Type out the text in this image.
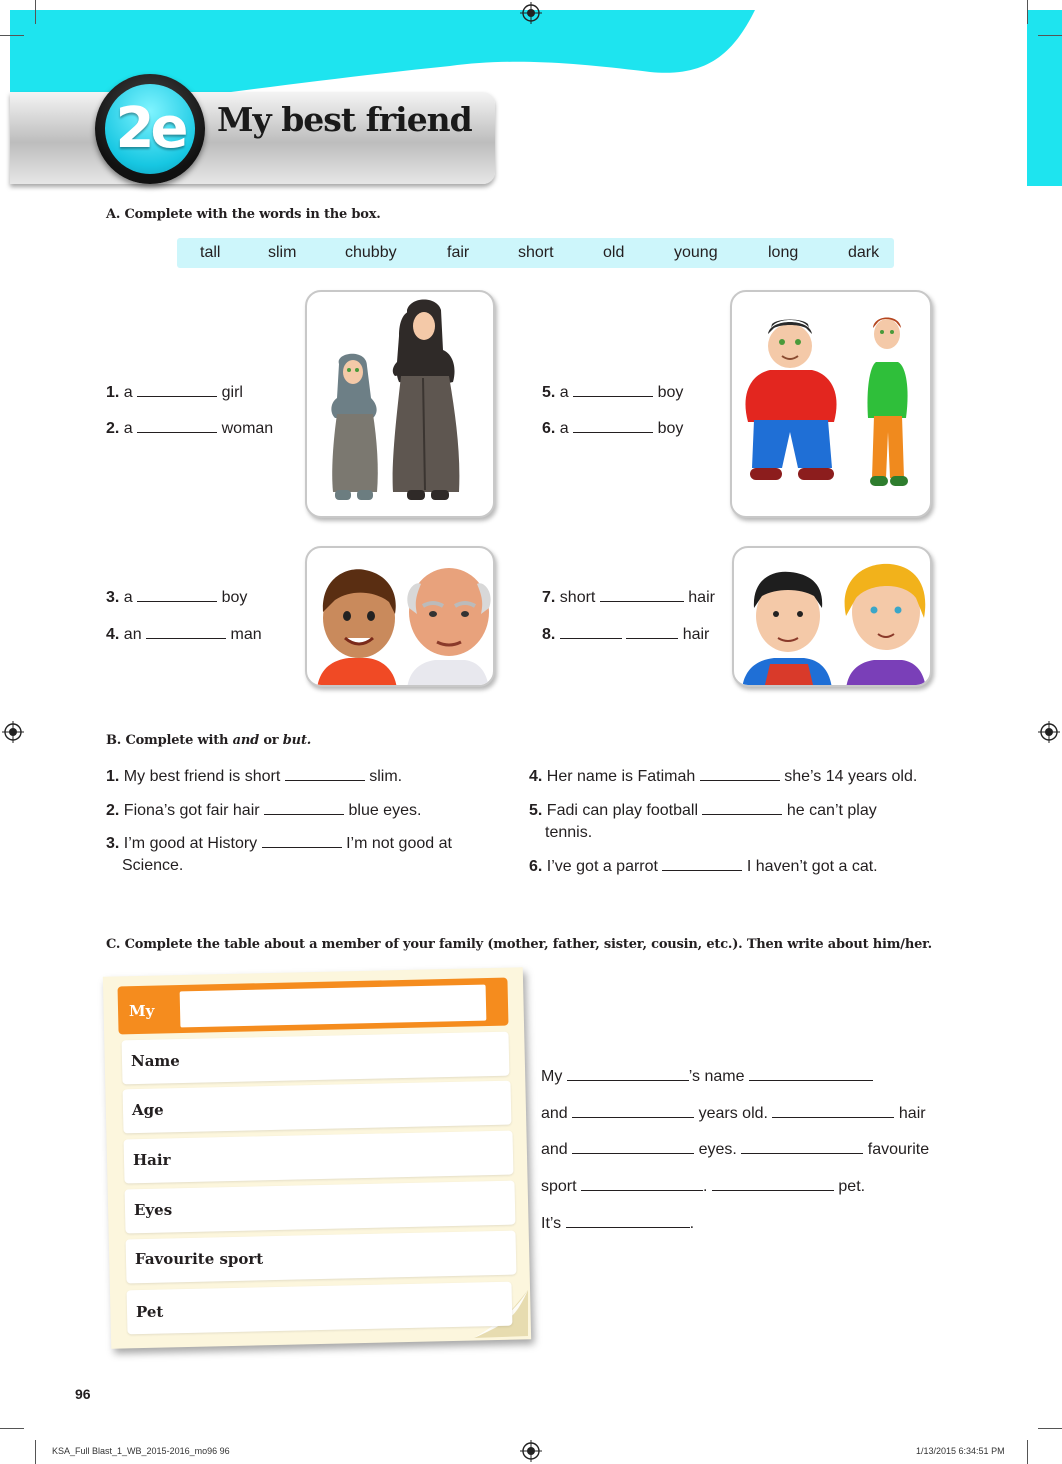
2e My best friend
A. Complete with the words in the box.
tall	slim	chubby	fair	short	old	young	long	dark
1. a	girl
2. a	woman
3. a	boy
4. an	man
5. a	boy
6. a	boy
7. short	hair
8.	hair
B. Complete with and or but.
1. My best friend is short	slim.
2. Fiona’s got fair hair	blue eyes.
3. I’m good at History	I’m not good at
Science.
4. Her name is Fatimah	she’s 14 years old.
5. Fadi can play football	he can’t play
tennis.
6. I’ve got a parrot	I haven’t got a cat.
C. Complete the table about a member of your family (mother, father, sister, cousin, etc.). Then write about him/her.
My
Name
Age
Hair
Eyes
Favourite sport
Pet
My	’s name
and	years old.	hair
and	eyes.	favourite
sport	.	pet.
It’s	.
96
KSA_Full Blast_1_WB_2015-2016_mo96 96	1/13/2015 6:34:51 PM
